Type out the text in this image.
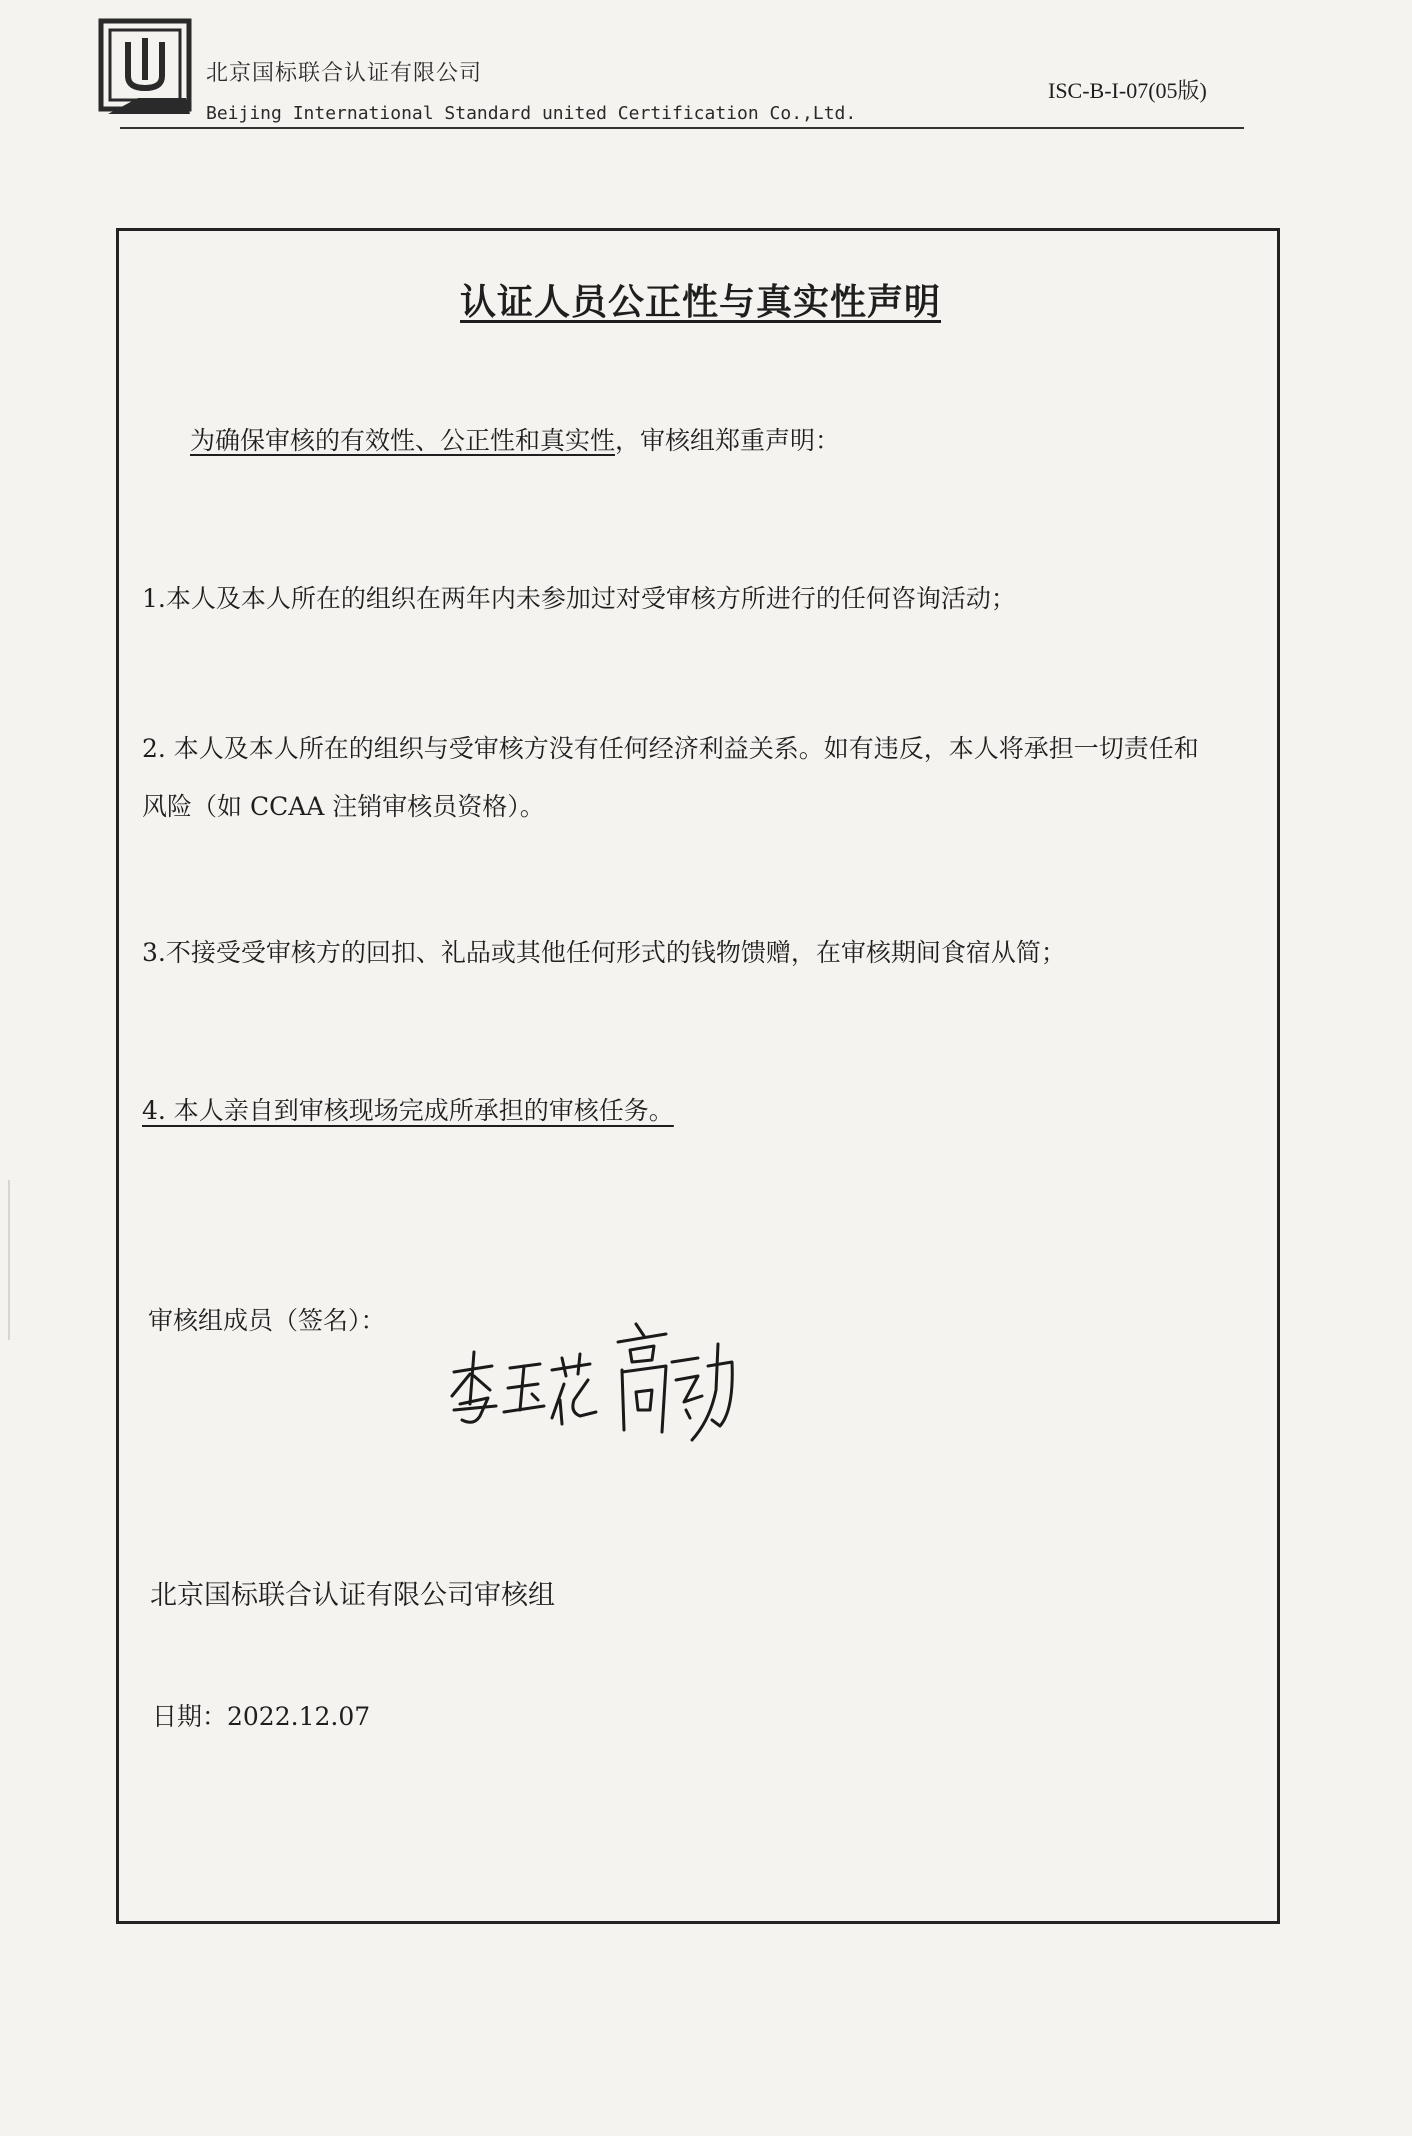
北京国标联合认证有限公司
Beijing International Standard united Certification Co.,Ltd.
ISC-B-I-07(05版)
认证人员公正性与真实性声明
为确保审核的有效性、公正性和真实性，审核组郑重声明：
1.本人及本人所在的组织在两年内未参加过对受审核方所进行的任何咨询活动；
2. 本人及本人所在的组织与受审核方没有任何经济利益关系。如有违反，本人将承担一切责任和
风险（如 CCAA 注销审核员资格）。
3.不接受受审核方的回扣、礼品或其他任何形式的钱物馈赠，在审核期间食宿从简；
4. 本人亲自到审核现场完成所承担的审核任务。
审核组成员（签名）：
北京国标联合认证有限公司审核组
日期：2022.12.07
